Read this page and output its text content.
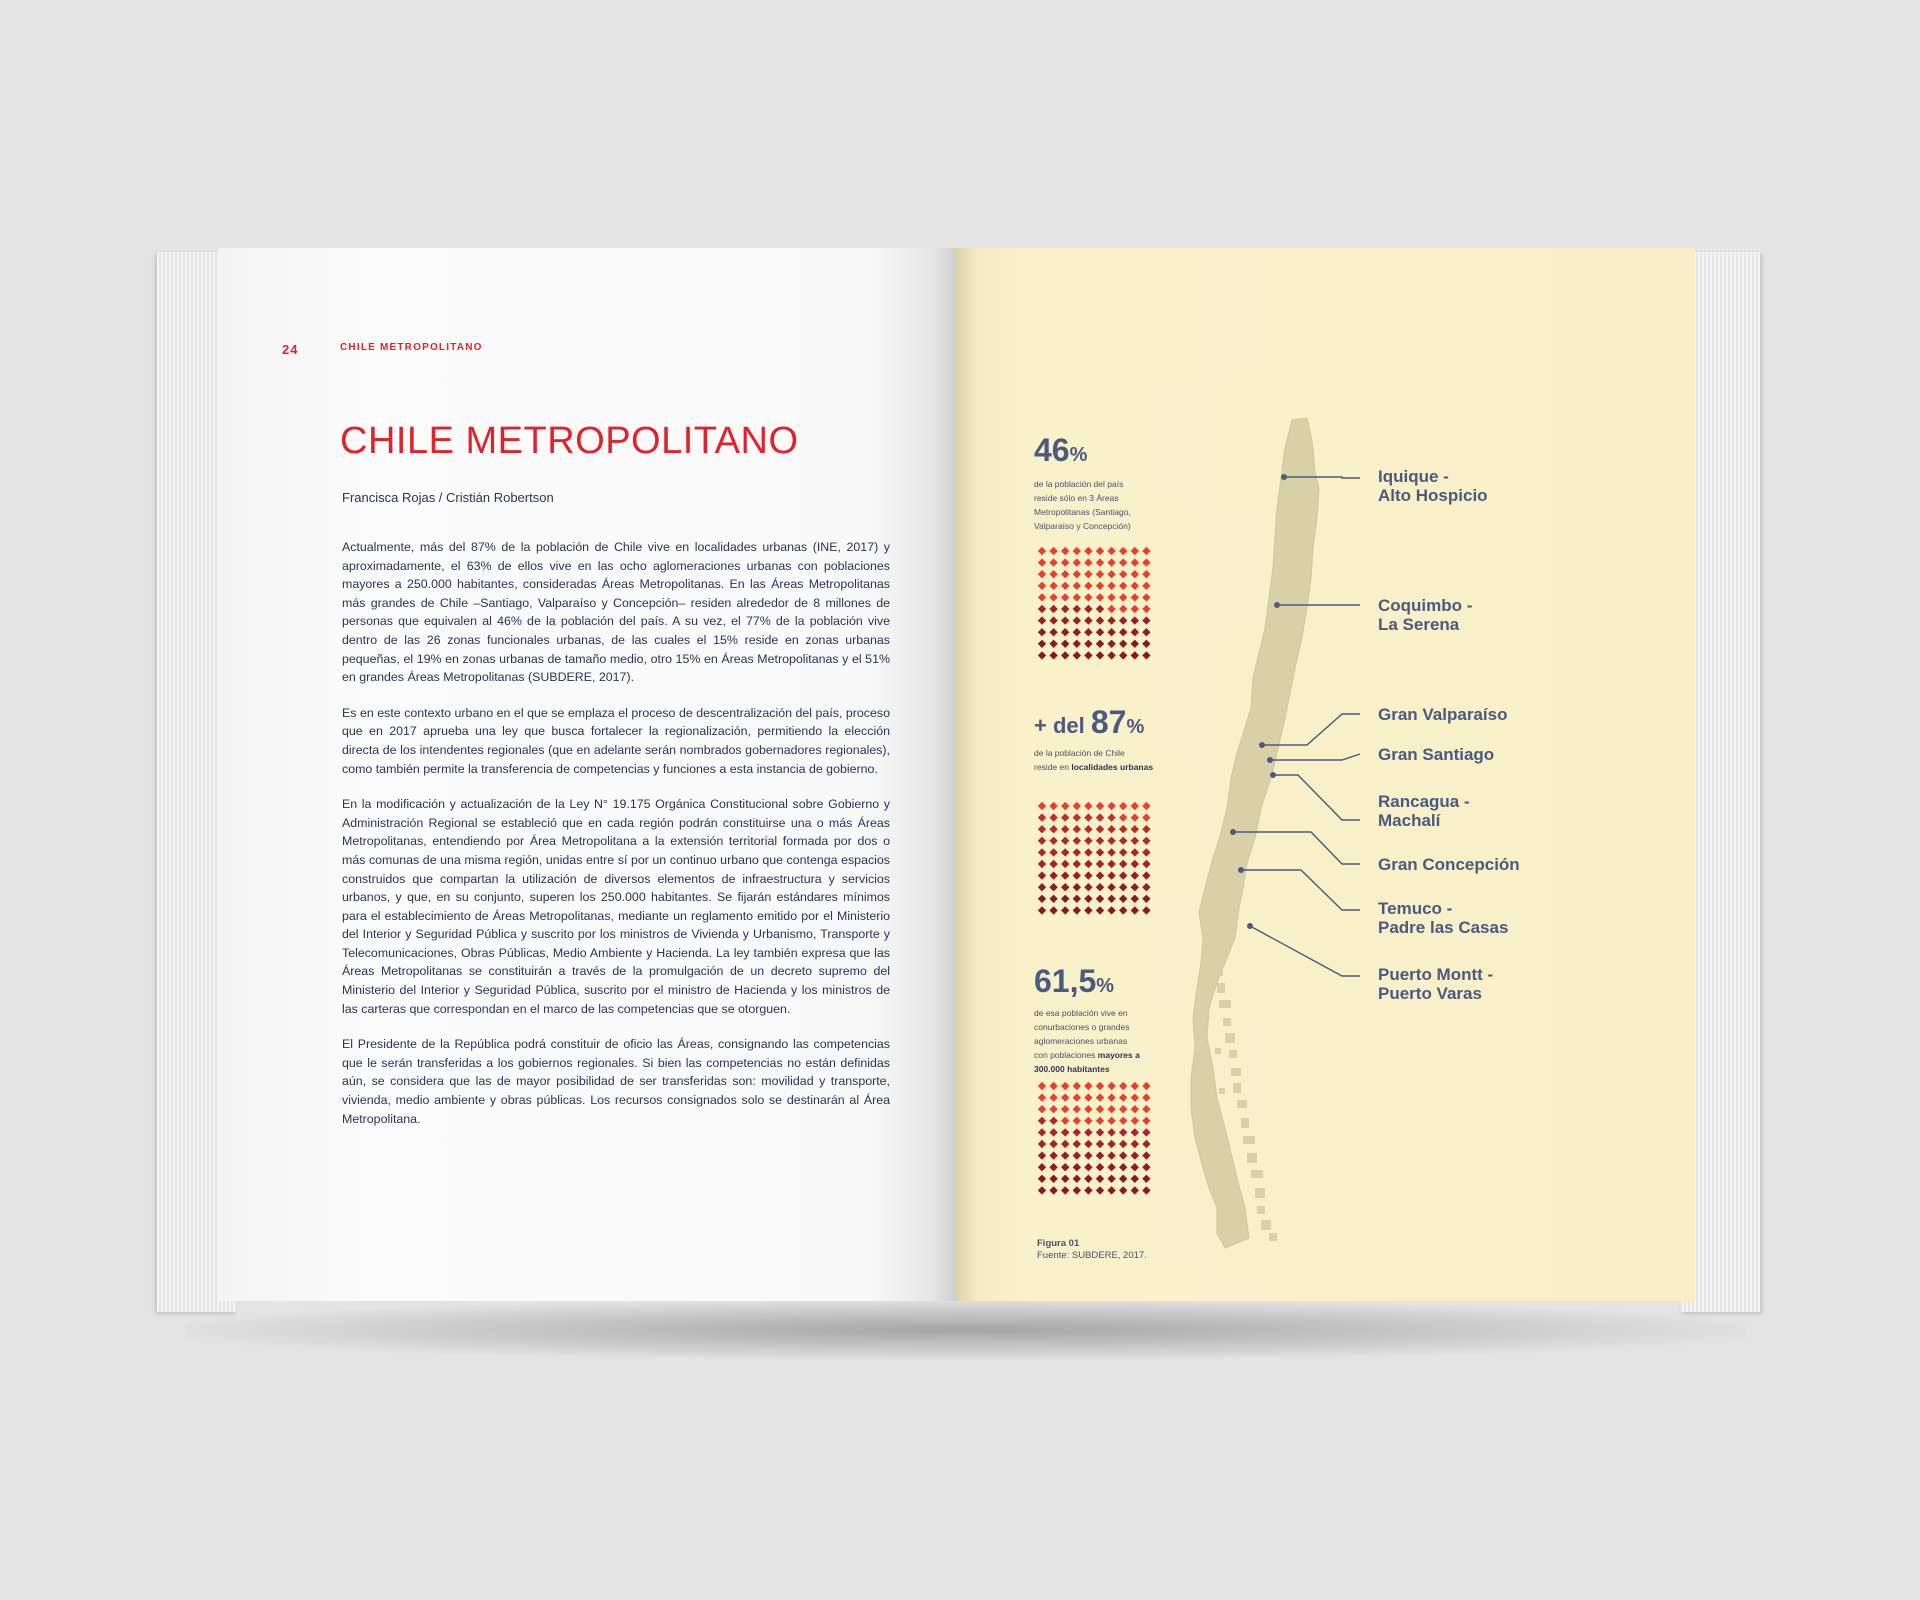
24	CHILE METROPOLITANO
CHILE METROPOLITANO
Francisca Rojas / Cristián Robertson

Actualmente, más del 87% de la población de Chile vive en localidades urbanas (INE, 2017) y aproximadamente, el 63% de ellos vive en las ocho aglomeraciones urbanas con poblaciones mayores a 250.000 habitantes, consideradas Áreas Metropolitanas. En las Áreas Metropolitanas más grandes de Chile –Santiago, Valparaíso y Concepción– residen alrededor de 8 millones de personas que equivalen al 46% de la población del país. A su vez, el 77% de la población vive dentro de las 26 zonas funcionales urbanas, de las cuales el 15% reside en zonas urbanas pequeñas, el 19% en zonas urbanas de tamaño medio, otro 15% en Áreas Metropolitanas y el 51% en grandes Áreas Metropolitanas (SUBDERE, 2017).

Es en este contexto urbano en el que se emplaza el proceso de descentralización del país, proceso que en 2017 aprueba una ley que busca fortalecer la regionalización, permitiendo la elección directa de los intendentes regionales (que en adelante serán nombrados gobernadores regionales), como también permite la transferencia de competencias y funciones a esta instancia de gobierno.

En la modificación y actualización de la Ley N° 19.175 Orgánica Constitucional sobre Gobierno y Administración Regional se estableció que en cada región podrán constituirse una o más Áreas Metropolitanas, entendiendo por Área Metropolitana a la extensión territorial formada por dos o más comunas de una misma región, unidas entre sí por un continuo urbano que contenga espacios construidos que compartan la utilización de diversos elementos de infraestructura y servicios urbanos, y que, en su conjunto, superen los 250.000 habitantes. Se fijarán estándares mínimos para el establecimiento de Áreas Metropolitanas, mediante un reglamento emitido por el Ministerio del Interior y Seguridad Pública y suscrito por los ministros de Vivienda y Urbanismo, Transporte y Telecomunicaciones, Obras Públicas, Medio Ambiente y Hacienda. La ley también expresa que las Áreas Metropolitanas se constituirán a través de la promulgación de un decreto supremo del Ministerio del Interior y Seguridad Pública, suscrito por el ministro de Hacienda y los ministros de las carteras que correspondan en el marco de las competencias que se otorguen.

El Presidente de la República podrá constituir de oficio las Áreas, consignando las competencias que le serán transferidas a los gobiernos regionales. Si bien las competencias no están definidas aún, se considera que las de mayor posibilidad de ser transferidas son: movilidad y transporte, vivienda, medio ambiente y obras públicas. Los recursos consignados solo se destinarán al Área Metropolitana.

46%
de la población del país
reside sólo en 3 Áreas
Metropolitanas (Santiago,
Valparaíso y Concepción)
+ del 87%
de la población de Chile
reside en localidades urbanas
61,5%
de esa población vive en
conurbaciones o grandes
aglomeraciones urbanas
con poblaciones mayores a 300.000 habitantes
Iquique -
Alto Hospicio
Coquimbo -
La Serena
Gran Valparaíso
Gran Santiago
Rancagua -
Machalí
Gran Concepción
Temuco -
Padre las Casas
Puerto Montt -
Puerto Varas
Figura 01
Fuente: SUBDERE, 2017.
